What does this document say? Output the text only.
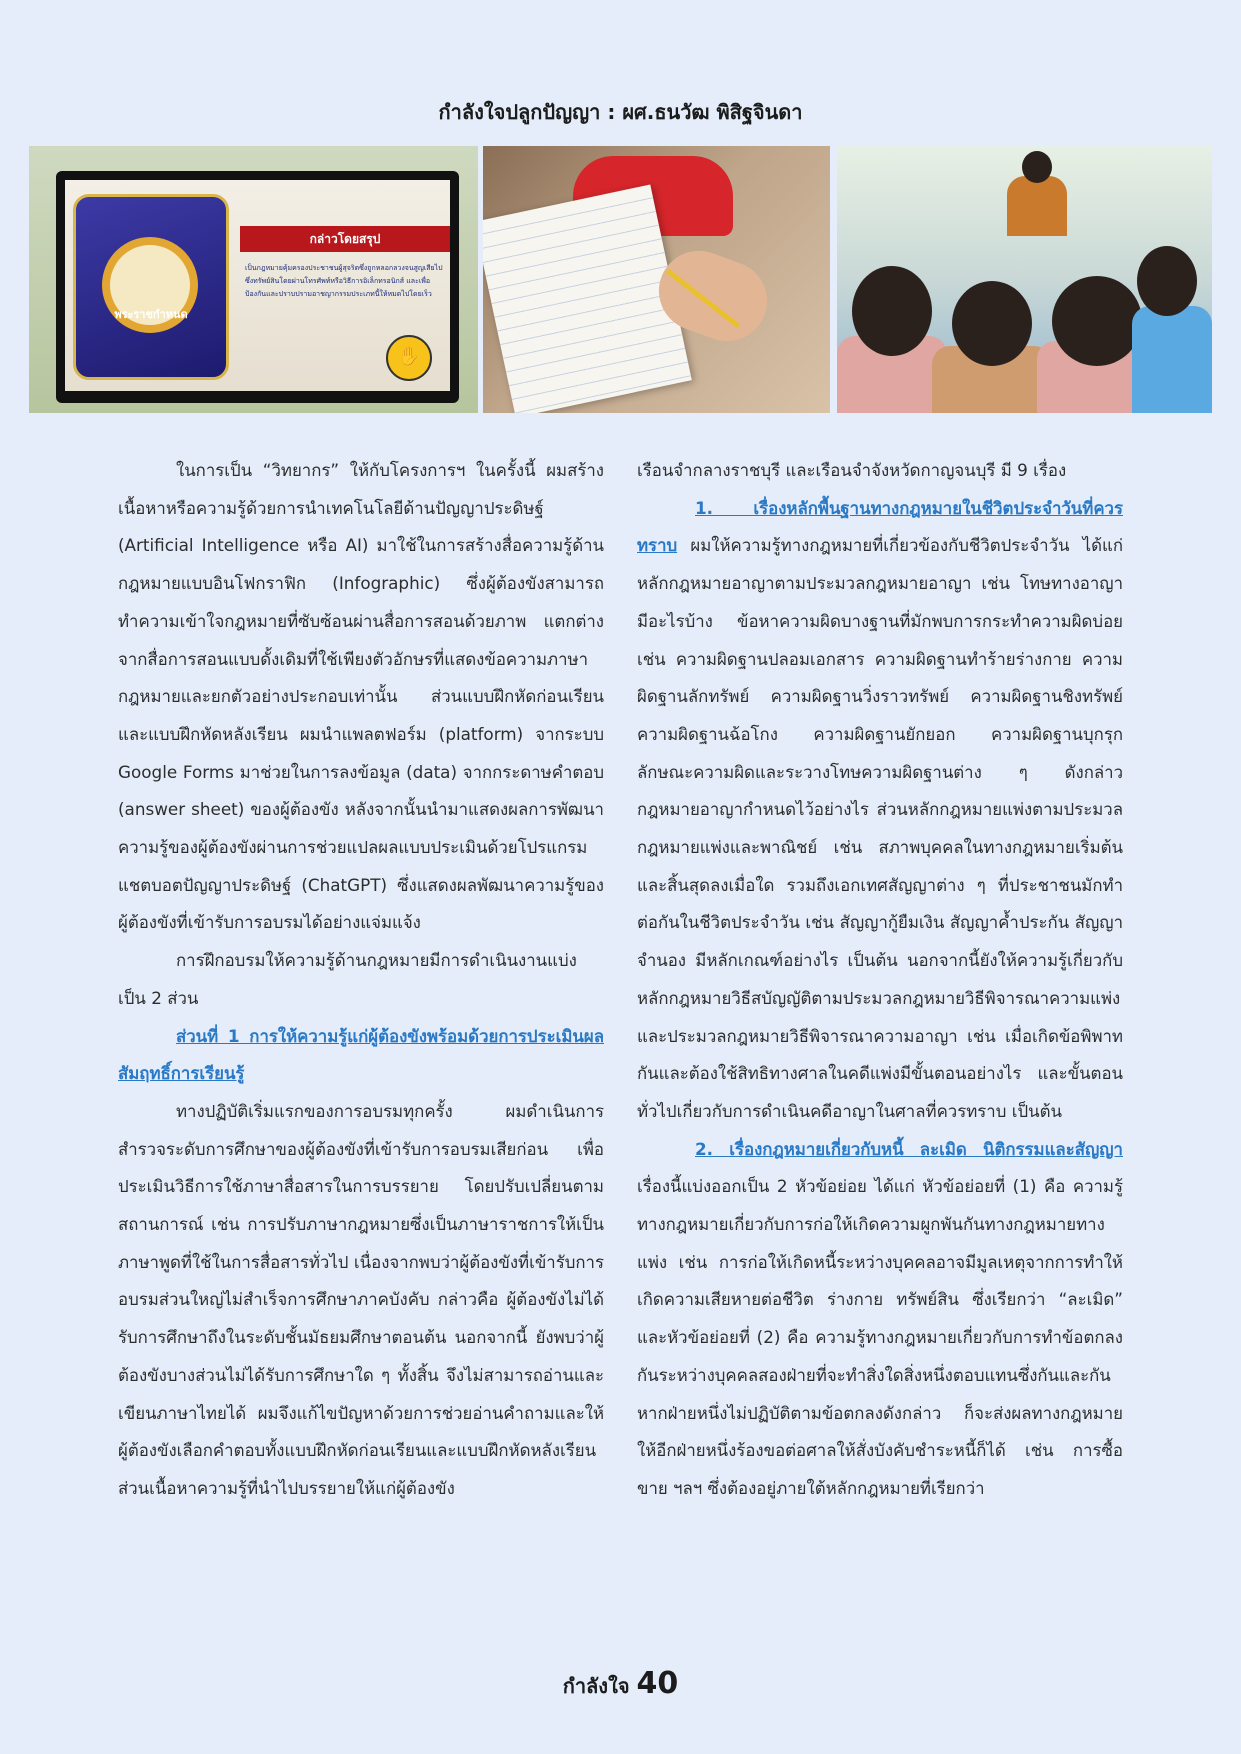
กำลังใจปลูกปัญญา : ผศ.ธนวัฒ พิสิฐจินดา
พระราชกำหนด
กล่าวโดยสรุป
เป็นกฎหมายคุ้มครองประชาชนผู้สุจริตซึ่งถูกหลอกลวงจนสูญเสียไปซึ่งทรัพย์สินโดยผ่านโทรศัพท์หรือวิธีการอิเล็กทรอนิกส์ และเพื่อป้องกันและปราบปรามอาชญากรรมประเภทนี้ให้หมดไปโดยเร็ว
✋

ในการเป็น “วิทยากร” ให้กับโครงการฯ ในครั้งนี้ ผมสร้างเนื้อหาหรือความรู้ด้วยการนำเทคโนโลยีด้านปัญญาประดิษฐ์ (Artificial Intelligence หรือ AI) มาใช้ในการสร้างสื่อความรู้ด้านกฎหมายแบบอินโฟกราฟิก (Infographic) ซึ่งผู้ต้องขังสามารถทำความเข้าใจกฎหมายที่ซับซ้อนผ่านสื่อการสอนด้วยภาพ แตกต่างจากสื่อการสอนแบบดั้งเดิมที่ใช้เพียงตัวอักษรที่แสดงข้อความภาษากฎหมายและยกตัวอย่างประกอบเท่านั้น ส่วนแบบฝึกหัดก่อนเรียนและแบบฝึกหัดหลังเรียน ผมนำแพลตฟอร์ม (platform) จากระบบ Google Forms มาช่วยในการลงข้อมูล (data) จากกระดาษคำตอบ (answer sheet) ของผู้ต้องขัง หลังจากนั้นนำมาแสดงผลการพัฒนาความรู้ของผู้ต้องขังผ่านการช่วยแปลผลแบบประเมินด้วยโปรแกรมแชตบอตปัญญาประดิษฐ์ (ChatGPT) ซึ่งแสดงผลพัฒนาความรู้ของผู้ต้องขังที่เข้ารับการอบรมได้อย่างแจ่มแจ้ง

การฝึกอบรมให้ความรู้ด้านกฎหมายมีการดำเนินงานแบ่งเป็น 2 ส่วน

ส่วนที่ 1 การให้ความรู้แก่ผู้ต้องขังพร้อมด้วยการประเมินผลสัมฤทธิ์การเรียนรู้

ทางปฏิบัติเริ่มแรกของการอบรมทุกครั้ง ผมดำเนินการสำรวจระดับการศึกษาของผู้ต้องขังที่เข้ารับการอบรมเสียก่อน เพื่อประเมินวิธีการใช้ภาษาสื่อสารในการบรรยาย โดยปรับเปลี่ยนตามสถานการณ์ เช่น การปรับภาษากฎหมายซึ่งเป็นภาษาราชการให้เป็นภาษาพูดที่ใช้ในการสื่อสารทั่วไป เนื่องจากพบว่าผู้ต้องขังที่เข้ารับการอบรมส่วนใหญ่ไม่สำเร็จการศึกษาภาคบังคับ กล่าวคือ ผู้ต้องขังไม่ได้รับการศึกษาถึงในระดับชั้นมัธยมศึกษาตอนต้น นอกจากนี้ ยังพบว่าผู้ต้องขังบางส่วนไม่ได้รับการศึกษาใด ๆ ทั้งสิ้น จึงไม่สามารถอ่านและเขียนภาษาไทยได้ ผมจึงแก้ไขปัญหาด้วยการช่วยอ่านคำถามและให้ผู้ต้องขังเลือกคำตอบทั้งแบบฝึกหัดก่อนเรียนและแบบฝึกหัดหลังเรียน ส่วนเนื้อหาความรู้ที่นำไปบรรยายให้แก่ผู้ต้องขัง

เรือนจำกลางราชบุรี และเรือนจำจังหวัดกาญจนบุรี มี 9 เรื่อง

1. เรื่องหลักพื้นฐานทางกฎหมายในชีวิตประจำวันที่ควรทราบ ผมให้ความรู้ทางกฎหมายที่เกี่ยวข้องกับชีวิตประจำวัน ได้แก่ หลักกฎหมายอาญาตามประมวลกฎหมายอาญา เช่น โทษทางอาญามีอะไรบ้าง ข้อหาความผิดบางฐานที่มักพบการกระทำความผิดบ่อย เช่น ความผิดฐานปลอมเอกสาร ความผิดฐานทำร้ายร่างกาย ความผิดฐานลักทรัพย์ ความผิดฐานวิ่งราวทรัพย์ ความผิดฐานชิงทรัพย์ ความผิดฐานฉ้อโกง ความผิดฐานยักยอก ความผิดฐานบุกรุก ลักษณะความผิดและระวางโทษความผิดฐานต่าง ๆ ดังกล่าว กฎหมายอาญากำหนดไว้อย่างไร ส่วนหลักกฎหมายแพ่งตามประมวลกฎหมายแพ่งและพาณิชย์ เช่น สภาพบุคคลในทางกฎหมายเริ่มต้นและสิ้นสุดลงเมื่อใด รวมถึงเอกเทศสัญญาต่าง ๆ ที่ประชาชนมักทำต่อกันในชีวิตประจำวัน เช่น สัญญากู้ยืมเงิน สัญญาค้ำประกัน สัญญาจำนอง มีหลักเกณฑ์อย่างไร เป็นต้น นอกจากนี้ยังให้ความรู้เกี่ยวกับหลักกฎหมายวิธีสบัญญัติตามประมวลกฎหมายวิธีพิจารณาความแพ่งและประมวลกฎหมายวิธีพิจารณาความอาญา เช่น เมื่อเกิดข้อพิพาทกันและต้องใช้สิทธิทางศาลในคดีแพ่งมีขั้นตอนอย่างไร และขั้นตอนทั่วไปเกี่ยวกับการดำเนินคดีอาญาในศาลที่ควรทราบ เป็นต้น

2. เรื่องกฎหมายเกี่ยวกับหนี้ ละเมิด นิติกรรมและสัญญา เรื่องนี้แบ่งออกเป็น 2 หัวข้อย่อย ได้แก่ หัวข้อย่อยที่ (1) คือ ความรู้ทางกฎหมายเกี่ยวกับการก่อให้เกิดความผูกพันกันทางกฎหมายทางแพ่ง เช่น การก่อให้เกิดหนี้ระหว่างบุคคลอาจมีมูลเหตุจากการทำให้เกิดความเสียหายต่อชีวิต ร่างกาย ทรัพย์สิน ซึ่งเรียกว่า “ละเมิด” และหัวข้อย่อยที่ (2) คือ ความรู้ทางกฎหมายเกี่ยวกับการทำข้อตกลงกันระหว่างบุคคลสองฝ่ายที่จะทำสิ่งใดสิ่งหนึ่งตอบแทนซึ่งกันและกัน หากฝ่ายหนึ่งไม่ปฏิบัติตามข้อตกลงดังกล่าว ก็จะส่งผลทางกฎหมายให้อีกฝ่ายหนึ่งร้องขอต่อศาลให้สั่งบังคับชำระหนี้ก็ได้ เช่น การซื้อขาย ฯลฯ ซึ่งต้องอยู่ภายใต้หลักกฎหมายที่เรียกว่า

กำลังใจ 40
